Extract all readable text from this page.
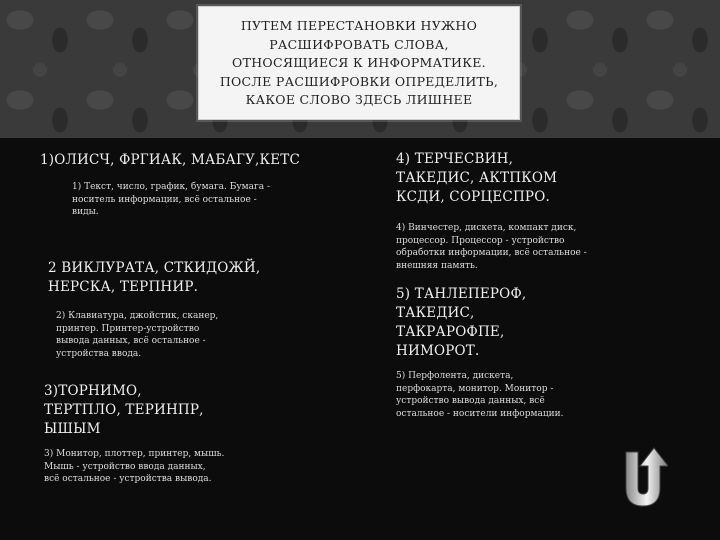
ПУТЕМ ПЕРЕСТАНОВКИ НУЖНО
РАСШИФРОВАТЬ СЛОВА,
ОТНОСЯЩИЕСЯ К ИНФОРМАТИКЕ.
ПОСЛЕ РАСШИФРОВКИ ОПРЕДЕЛИТЬ,
КАКОЕ СЛОВО ЗДЕСЬ ЛИШНЕЕ

1)ОЛИСЧ, ФРГИАК, МАБАГУ,КЕТС

1) Текст, число, график, бумага. Бумага -

носитель информации, всё остальное -

виды.

2 ВИКЛУРАТА, СТКИДОЖЙ,

НЕРСКА, ТЕРПНИР.

2) Клавиатура, джойстик, сканер,

принтер. Принтер-устройство

вывода данных, всё остальное -

устройства ввода.

3)ТОРНИМО,

ТЕРТПЛО, ТЕРИНПР,

ЫШЫМ

3) Монитор, плоттер, принтер, мышь.

Мышь - устройство ввода данных,

всё остальное - устройства вывода.

4) ТЕРЧЕСВИН,

ТАКЕДИС, АКТПКОМ

КСДИ, СОРЦЕСПРО.

4) Винчестер, дискета, компакт диск,

процессор. Процессор - устройство

обработки информации, всё остальное -

внешняя память.

5) ТАНЛЕПЕРОФ,

ТАКЕДИС,

ТАКРАРОФПЕ,

НИМОРОТ.

5) Перфолента, дискета,

перфокарта, монитор. Монитор -

устройство вывода данных, всё

остальное - носители информации.
